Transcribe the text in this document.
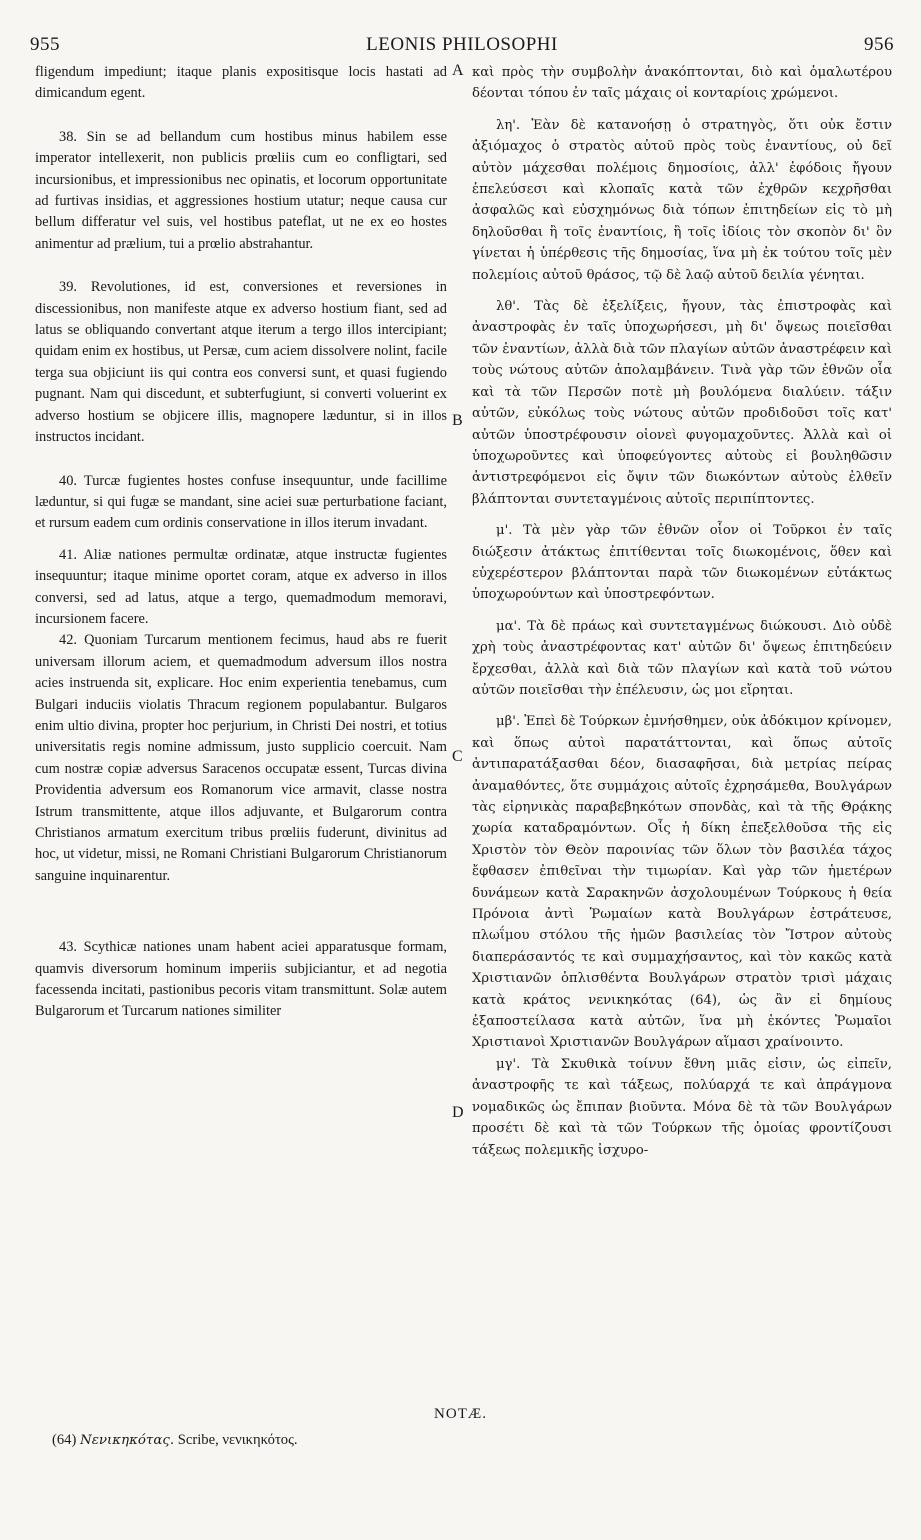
955	LEONIS PHILOSOPHI	956

fligendum impediunt; itaque planis expositisque locis hastati ad dimicandum egent.

38. Sin se ad bellandum cum hostibus minus habilem esse imperator intellexerit, non publicis prœliis cum eo confligtari, sed incursionibus, et impressionibus nec opinatis, et locorum opportunitate ad furtivas insidias, et aggressiones hostium utatur; neque causa cur bellum differatur vel suis, vel hostibus pateflat, ut ne ex eo hostes animentur ad prælium, tui a prœlio abstrahantur.

39. Revolutiones, id est, conversiones et reversiones in discessionibus, non manifeste atque ex adverso hostium fiant, sed ad latus se obliquando convertant atque iterum a tergo illos intercipiant; quidam enim ex hostibus, ut Persæ, cum aciem dissolvere nolint, facile terga sua objiciunt iis qui contra eos conversi sunt, et quasi fugiendo pugnant. Nam qui discedunt, et subterfugiunt, si converti voluerint ex adverso hostium se objicere illis, magnopere læduntur, si in illos instructos incidant.

40. Turcæ fugientes hostes confuse insequuntur, unde facillime læduntur, si qui fugæ se mandant, sine aciei suæ perturbatione faciant, et rursum eadem cum ordinis conservatione in illos iterum invadant.

41. Aliæ nationes permultæ ordinatæ, atque instructæ fugientes insequuntur; itaque minime oportet coram, atque ex adverso in illos conversi, sed ad latus, atque a tergo, quemadmodum memoravi, incursionem facere.

42. Quoniam Turcarum mentionem fecimus, haud abs re fuerit universam illorum aciem, et quemadmodum adversum illos nostra acies instruenda sit, explicare. Hoc enim experientia tenebamus, cum Bulgari induciis violatis Thracum regionem populabantur. Bulgaros enim ultio divina, propter hoc perjurium, in Christi Dei nostri, et totius universitatis regis nomine admissum, justo supplicio coercuit. Nam cum nostræ copiæ adversus Saracenos occupatæ essent, Turcas divina Providentia adversum eos Romanorum vice armavit, classe nostra Istrum transmittente, atque illos adjuvante, et Bulgarorum contra Christianos armatum exercitum tribus prœliis fuderunt, divinitus ad hoc, ut videtur, missi, ne Romani Christiani Bulgarorum Christianorum sanguine inquinarentur.

43. Scythicæ nationes unam habent aciei apparatusque formam, quamvis diversorum hominum imperiis subjiciantur, et ad negotia facessenda incitati, pastionibus pecoris vitam transmittunt. Solæ autem Bulgarorum et Turcarum nationes similiter

καὶ πρὸς τὴν συμβολὴν ἀνακόπτονται, διὸ καὶ ὁμαλωτέρου δέονται τόπου ἐν ταῖς μάχαις οἱ κονταρίοις χρώμενοι.

λη'. Ἐὰν δὲ κατανοήσῃ ὁ στρατηγὸς, ὅτι οὐκ ἔστιν ἀξιόμαχος ὁ στρατὸς αὐτοῦ πρὸς τοὺς ἐναντίους, οὐ δεῖ αὐτὸν μάχεσθαι πολέμοις δημοσίοις, ἀλλ' ἐφόδοις ἤγουν ἐπελεύσεσι καὶ κλοπαῖς κατὰ τῶν ἐχθρῶν κεχρῆσθαι ἀσφαλῶς καὶ εὐσχημόνως διὰ τόπων ἐπιτηδείων εἰς τὸ μὴ δηλοῦσθαι ἢ τοῖς ἐναντίοις, ἢ τοῖς ἰδίοις τὸν σκοπὸν δι' ὃν γίνεται ἡ ὑπέρθεσις τῆς δημοσίας, ἵνα μὴ ἐκ τούτου τοῖς μὲν πολεμίοις αὐτοῦ θράσος, τῷ δὲ λαῷ αὐτοῦ δειλία γένηται.

λθ'. Τὰς δὲ ἐξελίξεις, ἤγουν, τὰς ἐπιστροφὰς καὶ ἀναστροφὰς ἐν ταῖς ὑποχωρήσεσι, μὴ δι' ὄψεως ποιεῖσθαι τῶν ἐναντίων, ἀλλὰ διὰ τῶν πλαγίων αὐτῶν ἀναστρέφειν καὶ τοὺς νώτους αὐτῶν ἀπολαμβάνειν. Τινὰ γὰρ τῶν ἐθνῶν οἷα καὶ τὰ τῶν Περσῶν ποτὲ μὴ βουλόμενα διαλύειν. τάξιν αὐτῶν, εὐκόλως τοὺς νώτους αὐτῶν προδιδοῦσι τοῖς κατ' αὐτῶν ὑποστρέφουσιν οἱονεὶ φυγομαχοῦντες. Ἀλλὰ καὶ οἱ ὑποχωροῦντες καὶ ὑποφεύγοντες αὐτοὺς εἰ βουληθῶσιν ἀντιστρεφόμενοι εἰς ὄψιν τῶν διωκόντων αὐτοὺς ἐλθεῖν βλάπτονται συντεταγμένοις αὐτοῖς περιπίπτοντες.

μ'. Τὰ μὲν γὰρ τῶν ἐθνῶν οἷον οἱ Τοῦρκοι ἐν ταῖς διώξεσιν ἀτάκτως ἐπιτίθενται τοῖς διωκομένοις, ὅθεν καὶ εὐχερέστερον βλάπτονται παρὰ τῶν διωκομένων εὐτάκτως ὑποχωρούντων καὶ ὑποστρεφόντων.

μα'. Τὰ δὲ πράως καὶ συντεταγμένως διώκουσι. Διὸ οὐδὲ χρὴ τοὺς ἀναστρέφοντας κατ' αὐτῶν δι' ὄψεως ἐπιτηδεύειν ἔρχεσθαι, ἀλλὰ καὶ διὰ τῶν πλαγίων καὶ κατὰ τοῦ νώτου αὐτῶν ποιεῖσθαι τὴν ἐπέλευσιν, ὡς μοι εἴρηται.

μβ'. Ἐπεὶ δὲ Τούρκων ἐμνήσθημεν, οὐκ ἀδόκιμον κρίνομεν, καὶ ὅπως αὐτοὶ παρατάττονται, καὶ ὅπως αὐτοῖς ἀντιπαρατάξασθαι δέον, διασαφῆσαι, διὰ μετρίας πείρας ἀναμαθόντες, ὅτε συμμάχοις αὐτοῖς ἐχρησάμεθα, Βουλγάρων τὰς εἰρηνικὰς παραβεβηκότων σπονδὰς, καὶ τὰ τῆς Θρᾴκης χωρία καταδραμόντων. Οἷς ἡ δίκη ἐπεξελθοῦσα τῆς εἰς Χριστὸν τὸν Θεὸν παροινίας τῶν ὅλων τὸν βασιλέα τάχος ἔφθασεν ἐπιθεῖναι τὴν τιμωρίαν. Καὶ γὰρ τῶν ἡμετέρων δυνάμεων κατὰ Σαρακηνῶν ἀσχολουμένων Τούρκους ἡ θεία Πρόνοια ἀντὶ Ῥωμαίων κατὰ Βουλγάρων ἐστράτευσε, πλωΐμου στόλου τῆς ἡμῶν βασιλείας τὸν Ἴστρον αὐτοὺς διαπεράσαντός τε καὶ συμμαχήσαντος, καὶ τὸν κακῶς κατὰ Χριστιανῶν ὁπλισθέντα Βουλγάρων στρατὸν τρισὶ μάχαις κατὰ κράτος νενικηκότας (64), ὡς ἂν εἰ δημίους ἐξαποστείλασα κατὰ αὐτῶν, ἵνα μὴ ἑκόντες Ῥωμαῖοι Χριστιανοὶ Χριστιανῶν Βουλγάρων αἵμασι χραίνοιντο.

μγ'. Τὰ Σκυθικὰ τοίνυν ἔθνη μιᾶς εἰσιν, ὡς εἰπεῖν, ἀναστροφῆς τε καὶ τάξεως, πολύαρχά τε καὶ ἀπράγμονα νομαδικῶς ὡς ἔπιπαν βιοῦντα. Μόνα δὲ τὰ τῶν Βουλγάρων προσέτι δὲ καὶ τὰ τῶν Τούρκων τῆς ὁμοίας φροντίζουσι τάξεως πολεμικῆς ἰσχυρο-

A
B
C
D
NOTÆ.
(64) Νενικηκότας. Scribe, νενικηκότος.
